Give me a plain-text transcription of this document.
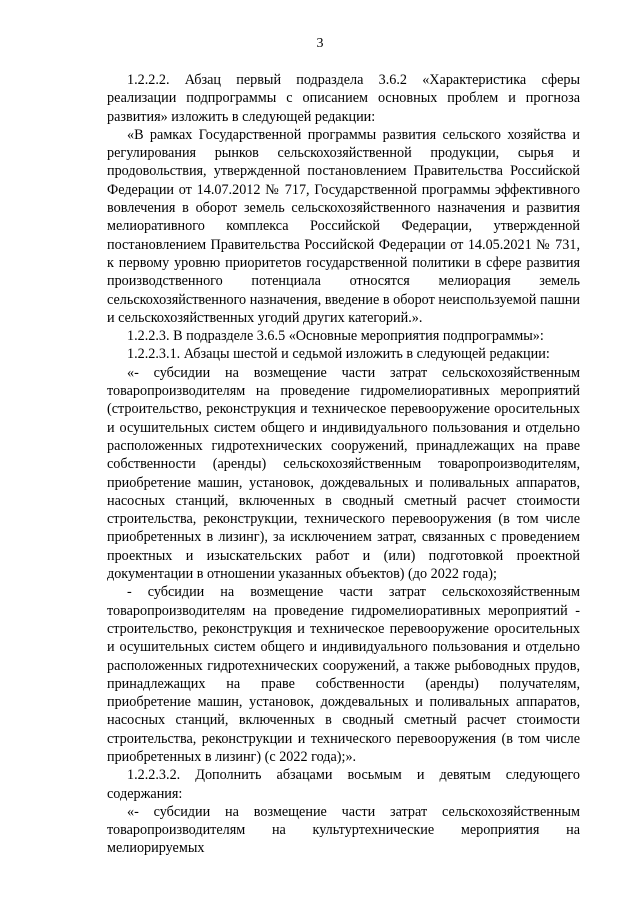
3

1.2.2.2. Абзац первый подраздела 3.6.2 «Характеристика сферы реализации подпрограммы с описанием основных проблем и прогноза развития» изложить в следующей редакции:

«В рамках Государственной программы развития сельского хозяйства и регулирования рынков сельскохозяйственной продукции, сырья и продовольствия, утвержденной постановлением Правительства Российской Федерации от 14.07.2012 № 717, Государственной программы эффективного вовлечения в оборот земель сельскохозяйственного назначения и развития мелиоративного комплекса Российской Федерации, утвержденной постановлением Правительства Российской Федерации от 14.05.2021 № 731, к первому уровню приоритетов государственной политики в сфере развития производственного потенциала относятся мелиорация земель сельскохозяйственного назначения, введение в оборот неиспользуемой пашни и сельскохозяйственных угодий других категорий.».

1.2.2.3. В подразделе 3.6.5 «Основные мероприятия подпрограммы»:

1.2.2.3.1. Абзацы шестой и седьмой изложить в следующей редакции:

«- субсидии на возмещение части затрат сельскохозяйственным товаропроизводителям на проведение гидромелиоративных мероприятий (строительство, реконструкция и техническое перевооружение оросительных и осушительных систем общего и индивидуального пользования и отдельно расположенных гидротехнических сооружений, принадлежащих на праве собственности (аренды) сельскохозяйственным товаропроизводителям, приобретение машин, установок, дождевальных и поливальных аппаратов, насосных станций, включенных в сводный сметный расчет стоимости строительства, реконструкции, технического перевооружения (в том числе приобретенных в лизинг), за исключением затрат, связанных с проведением проектных и изыскательских работ и (или) подготовкой проектной документации в отношении указанных объектов) (до 2022 года);

- субсидии на возмещение части затрат сельскохозяйственным товаропроизводителям на проведение гидромелиоративных мероприятий - строительство, реконструкция и техническое перевооружение оросительных и осушительных систем общего и индивидуального пользования и отдельно расположенных гидротехнических сооружений, а также рыбоводных прудов, принадлежащих на праве собственности (аренды) получателям, приобретение машин, установок, дождевальных и поливальных аппаратов, насосных станций, включенных в сводный сметный расчет стоимости строительства, реконструкции и технического перевооружения (в том числе приобретенных в лизинг) (с 2022 года);».

1.2.2.3.2. Дополнить абзацами восьмым и девятым следующего содержания:

«- субсидии на возмещение части затрат сельскохозяйственным товаропроизводителям на культуртехнические мероприятия на мелиорируемых
